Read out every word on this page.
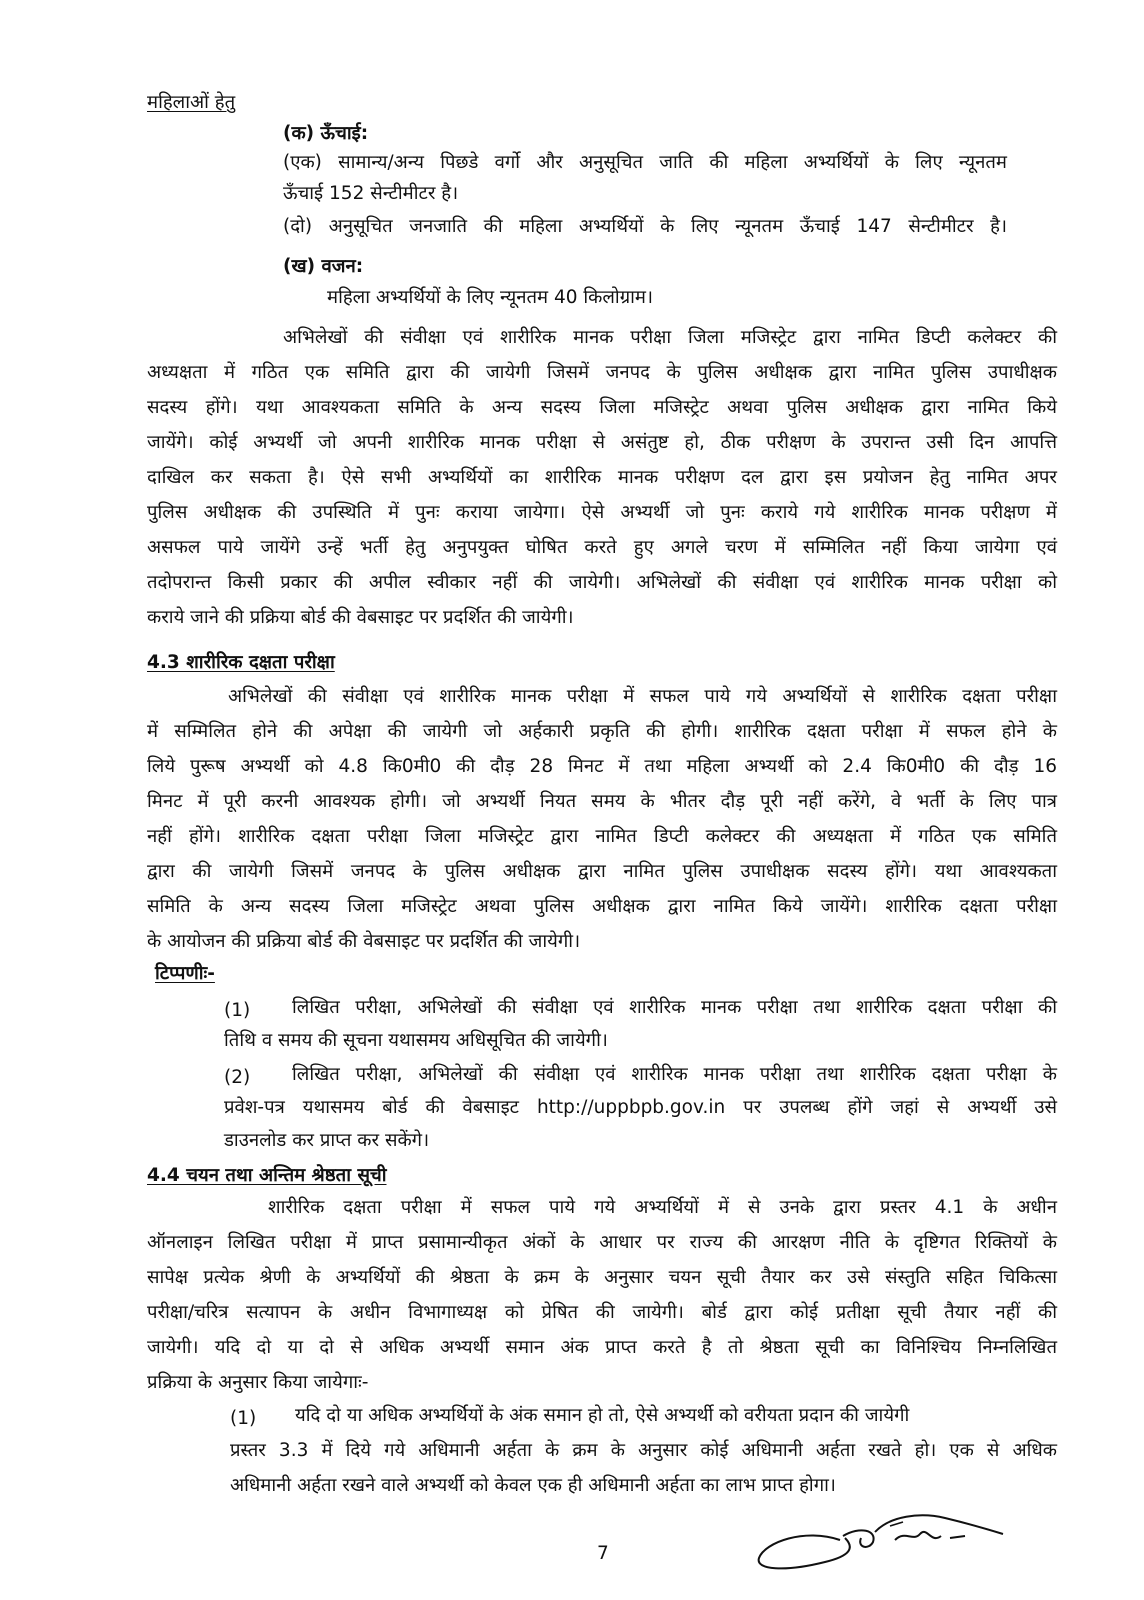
महिलाओं हेतु
(क) ऊँचाई:
(एक) सामान्य/अन्य पिछडे वर्गो और अनुसूचित जाति की महिला अभ्यर्थियों के लिए न्यूनतम
ऊँचाई 152 सेन्टीमीटर है।
(दो) अनुसूचित जनजाति की महिला अभ्यर्थियों के लिए न्यूनतम ऊँचाई 147 सेन्टीमीटर है।
(ख) वजन:
महिला अभ्यर्थियों के लिए न्यूनतम 40 किलोग्राम।
अभिलेखों की संवीक्षा एवं शारीरिक मानक परीक्षा जिला मजिस्ट्रेट द्वारा नामित डिप्टी कलेक्टर की
अध्यक्षता में गठित एक समिति द्वारा की जायेगी जिसमें जनपद के पुलिस अधीक्षक द्वारा नामित पुलिस उपाधीक्षक
सदस्य होंगे। यथा आवश्यकता समिति के अन्य सदस्य जिला मजिस्ट्रेट अथवा पुलिस अधीक्षक द्वारा नामित किये
जायेंगे। कोई अभ्यर्थी जो अपनी शारीरिक मानक परीक्षा से असंतुष्ट हो, ठीक परीक्षण के उपरान्त उसी दिन आपत्ति
दाखिल कर सकता है। ऐसे सभी अभ्यर्थियों का शारीरिक मानक परीक्षण दल द्वारा इस प्रयोजन हेतु नामित अपर
पुलिस अधीक्षक की उपस्थिति में पुनः कराया जायेगा। ऐसे अभ्यर्थी जो पुनः कराये गये शारीरिक मानक परीक्षण में
असफल पाये जायेंगे उन्हें भर्ती हेतु अनुपयुक्त घोषित करते हुए अगले चरण में सम्मिलित नहीं किया जायेगा एवं
तदोपरान्त किसी प्रकार की अपील स्वीकार नहीं की जायेगी। अभिलेखों की संवीक्षा एवं शारीरिक मानक परीक्षा को
कराये जाने की प्रक्रिया बोर्ड की वेबसाइट पर प्रदर्शित की जायेगी।
4.3 शारीरिक दक्षता परीक्षा
अभिलेखों की संवीक्षा एवं शारीरिक मानक परीक्षा में सफल पाये गये अभ्यर्थियों से शारीरिक दक्षता परीक्षा
में सम्मिलित होने की अपेक्षा की जायेगी जो अर्हकारी प्रकृति की होगी। शारीरिक दक्षता परीक्षा में सफल होने के
लिये पुरूष अभ्यर्थी को 4.8 कि0मी0 की दौड़ 28 मिनट में तथा महिला अभ्यर्थी को 2.4 कि0मी0 की दौड़ 16
मिनट में पूरी करनी आवश्यक होगी। जो अभ्यर्थी नियत समय के भीतर दौड़ पूरी नहीं करेंगे, वे भर्ती के लिए पात्र
नहीं होंगे। शारीरिक दक्षता परीक्षा जिला मजिस्ट्रेट द्वारा नामित डिप्टी कलेक्टर की अध्यक्षता में गठित एक समिति
द्वारा की जायेगी जिसमें जनपद के पुलिस अधीक्षक द्वारा नामित पुलिस उपाधीक्षक सदस्य होंगे। यथा आवश्यकता
समिति के अन्य सदस्य जिला मजिस्ट्रेट अथवा पुलिस अधीक्षक द्वारा नामित किये जायेंगे। शारीरिक दक्षता परीक्षा
के आयोजन की प्रक्रिया बोर्ड की वेबसाइट पर प्रदर्शित की जायेगी।
टिप्पणीः-
(1) लिखित परीक्षा, अभिलेखों की संवीक्षा एवं शारीरिक मानक परीक्षा तथा शारीरिक दक्षता परीक्षा की
तिथि व समय की सूचना यथासमय अधिसूचित की जायेगी।
(2) लिखित परीक्षा, अभिलेखों की संवीक्षा एवं शारीरिक मानक परीक्षा तथा शारीरिक दक्षता परीक्षा के
प्रवेश-पत्र यथासमय बोर्ड की वेबसाइट http://uppbpb.gov.in पर उपलब्ध होंगे जहां से अभ्यर्थी उसे
डाउनलोड कर प्राप्त कर सकेंगे।
4.4 चयन तथा अन्तिम श्रेष्ठता सूची
शारीरिक दक्षता परीक्षा में सफल पाये गये अभ्यर्थियों में से उनके द्वारा प्रस्तर 4.1 के अधीन
ऑनलाइन लिखित परीक्षा में प्राप्त प्रसामान्यीकृत अंकों के आधार पर राज्य की आरक्षण नीति के दृष्टिगत रिक्तियों के
सापेक्ष प्रत्येक श्रेणी के अभ्यर्थियों की श्रेष्ठता के क्रम के अनुसार चयन सूची तैयार कर उसे संस्तुति सहित चिकित्सा
परीक्षा/चरित्र सत्यापन के अधीन विभागाध्यक्ष को प्रेषित की जायेगी। बोर्ड द्वारा कोई प्रतीक्षा सूची तैयार नहीं की
जायेगी। यदि दो या दो से अधिक अभ्यर्थी समान अंक प्राप्त करते है तो श्रेष्ठता सूची का विनिश्चिय निम्नलिखित
प्रक्रिया के अनुसार किया जायेगाः-
(1) यदि दो या अधिक अभ्यर्थियों के अंक समान हो तो, ऐसे अभ्यर्थी को वरीयता प्रदान की जायेगी
प्रस्तर 3.3 में दिये गये अधिमानी अर्हता के क्रम के अनुसार कोई अधिमानी अर्हता रखते हो। एक से अधिक
अधिमानी अर्हता रखने वाले अभ्यर्थी को केवल एक ही अधिमानी अर्हता का लाभ प्राप्त होगा।
7
